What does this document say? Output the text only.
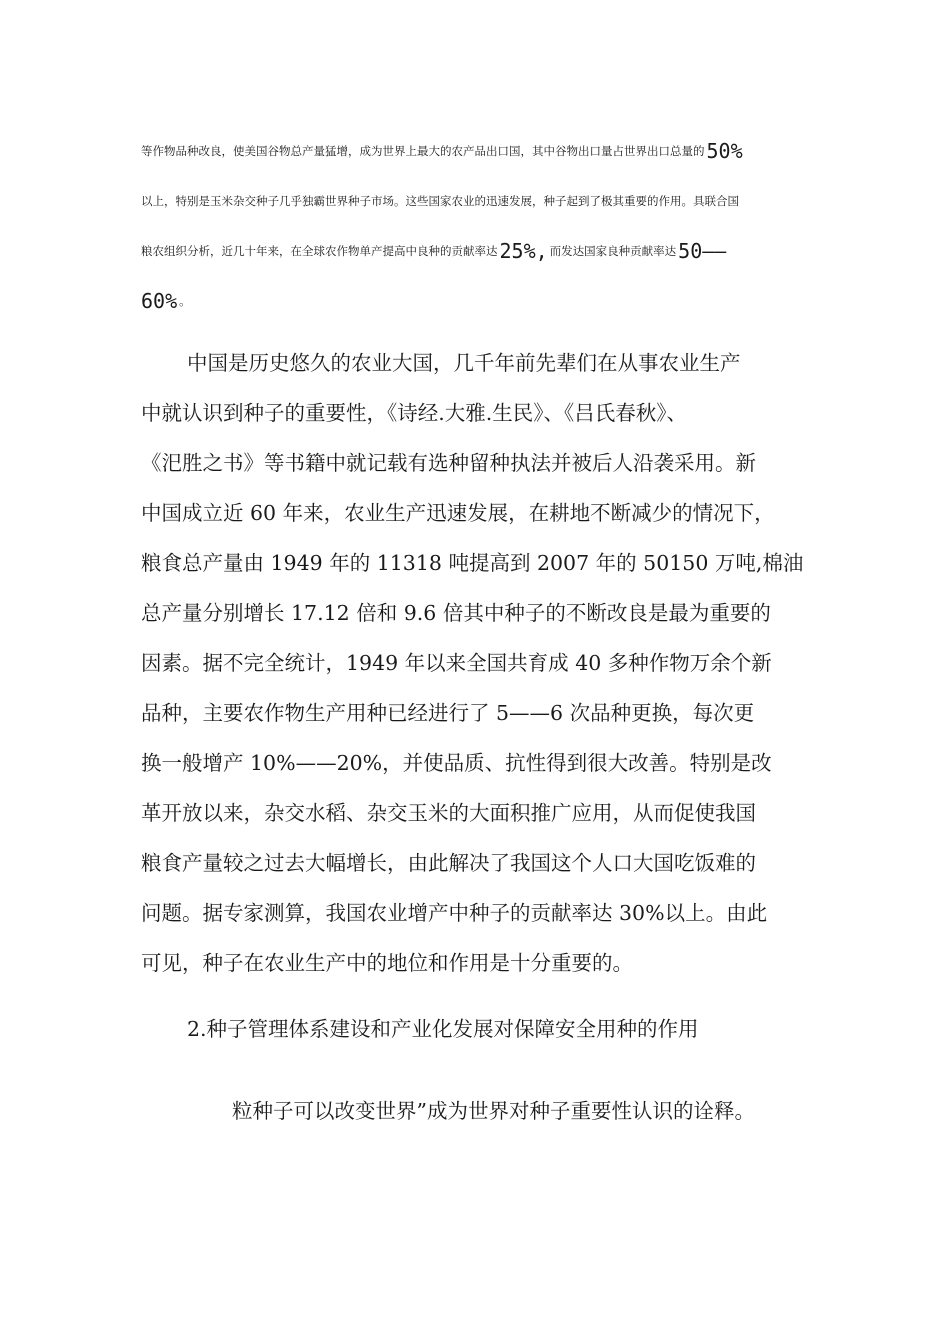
等作物品种改良，使美国谷物总产量猛增，成为世界上最大的农产品出口国，其中谷物出口量占世界出口总量的 50%
以上，特别是玉米杂交种子几乎独霸世界种子市场。这些国家农业的迅速发展，种子起到了极其重要的作用。具联合国
粮农组织分析，近几十年来，在全球农作物单产提高中良种的贡献率达 25%, 而发达国家良种贡献率达 50——
60% 。
中国是历史悠久的农业大国，几千年前先辈们在从事农业生产
中就认识到种子的重要性，《诗经.大雅.生民》、《吕氏春秋》、
《汜胜之书》等书籍中就记载有选种留种执法并被后人沿袭采用。新
中国成立近 60 年来，农业生产迅速发展，在耕地不断减少的情况下，
粮食总产量由 1949 年的 11318 吨提高到 2007 年的 50150 万吨,棉油
总产量分别增长 17.12 倍和 9.6 倍其中种子的不断改良是最为重要的
因素。据不完全统计，1949 年以来全国共育成 40 多种作物万余个新
品种，主要农作物生产用种已经进行了 5——6 次品种更换，每次更
换一般增产 10%——20%，并使品质、抗性得到很大改善。特别是改
革开放以来，杂交水稻、杂交玉米的大面积推广应用，从而促使我国
粮食产量较之过去大幅增长，由此解决了我国这个人口大国吃饭难的
问题。据专家测算，我国农业增产中种子的贡献率达 30%以上。由此
可见，种子在农业生产中的地位和作用是十分重要的。
2.种子管理体系建设和产业化发展对保障安全用种的作用
粒种子可以改变世界”成为世界对种子重要性认识的诠释。
